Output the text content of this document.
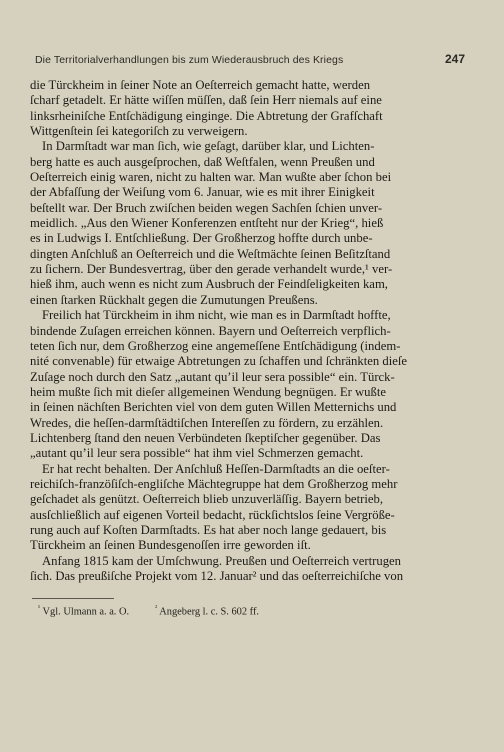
Die Territorialverhandlungen bis zum Wiederausbruch des Kriegs	247
die Türckheim in ſeiner Note an Oeſterreich gemacht hatte, werden
ſcharf getadelt. Er hätte wiſſen müſſen, daß ſein Herr niemals auf eine
linksrheiniſche Entſchädigung einginge. Die Abtretung der Grafſchaft
Wittgenſtein ſei kategoriſch zu verweigern.
In Darmſtadt war man ſich, wie geſagt, darüber klar, und Lichten-
berg hatte es auch ausgeſprochen, daß Weſtfalen, wenn Preußen und
Oeſterreich einig waren, nicht zu halten war. Man wußte aber ſchon bei
der Abfaſſung der Weiſung vom 6. Januar, wie es mit ihrer Einigkeit
beſtellt war. Der Bruch zwiſchen beiden wegen Sachſen ſchien unver-
meidlich. „Aus den Wiener Konferenzen entſteht nur der Krieg“, hieß
es in Ludwigs I. Entſchließung. Der Großherzog hoffte durch unbe-
dingten Anſchluß an Oeſterreich und die Weſtmächte ſeinen Beſitzſtand
zu ſichern. Der Bundesvertrag, über den gerade verhandelt wurde,¹ ver-
hieß ihm, auch wenn es nicht zum Ausbruch der Feindſeligkeiten kam,
einen ſtarken Rückhalt gegen die Zumutungen Preußens.
Freilich hat Türckheim in ihm nicht, wie man es in Darmſtadt hoffte,
bindende Zuſagen erreichen können. Bayern und Oeſterreich verpflich-
teten ſich nur, dem Großherzog eine angemeſſene Entſchädigung (indem-
nité convenable) für etwaige Abtretungen zu ſchaffen und ſchränkten dieſe
Zuſage noch durch den Satz „autant qu’il leur sera possible“ ein. Türck-
heim mußte ſich mit dieſer allgemeinen Wendung begnügen. Er wußte
in ſeinen nächſten Berichten viel von dem guten Willen Metternichs und
Wredes, die heſſen-darmſtädtiſchen Intereſſen zu fördern, zu erzählen.
Lichtenberg ſtand den neuen Verbündeten ſkeptiſcher gegenüber. Das
„autant qu’il leur sera possible“ hat ihm viel Schmerzen gemacht.
Er hat recht behalten. Der Anſchluß Heſſen-Darmſtadts an die oeſter-
reichiſch-franzöſiſch-engliſche Mächtegruppe hat dem Großherzog mehr
geſchadet als genützt. Oeſterreich blieb unzuverläſſig. Bayern betrieb,
ausſchließlich auf eigenen Vorteil bedacht, rückſichtslos ſeine Vergröße-
rung auch auf Koſten Darmſtadts. Es hat aber noch lange gedauert, bis
Türckheim an ſeinen Bundesgenoſſen irre geworden iſt.
Anfang 1815 kam der Umſchwung. Preußen und Oeſterreich vertrugen
ſich. Das preußiſche Projekt vom 12. Januar² und das oeſterreichiſche von
$^{^1}$ Vgl. Ulmann a. a. O.	$^{^2}$ Angeberg l. c. S. 602 ff.
